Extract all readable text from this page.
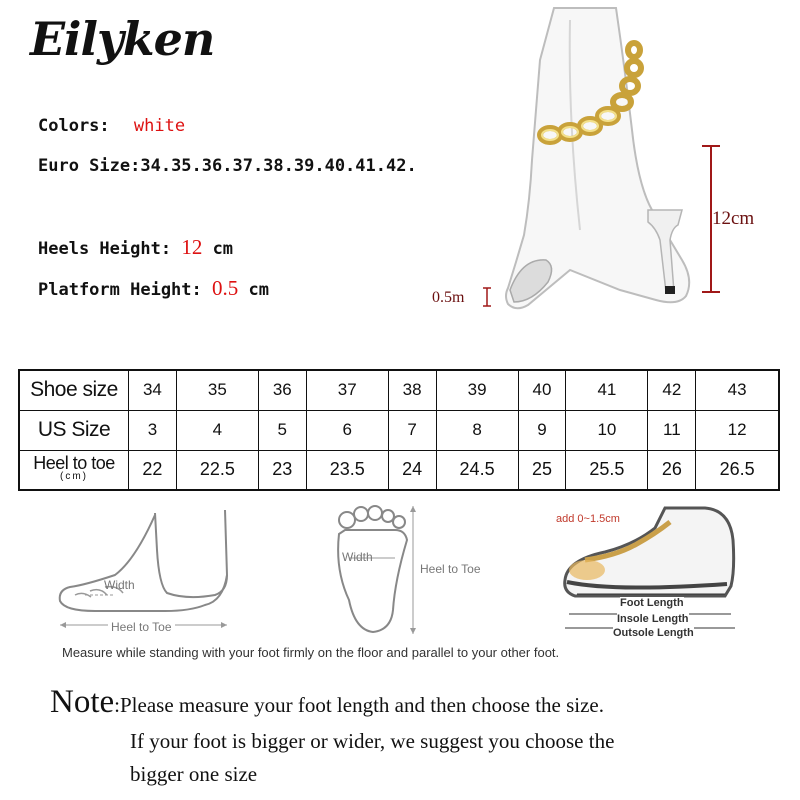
Eilyken
Colors: white
Euro Size:34.35.36.37.38.39.40.41.42.
Heels Height: 12 cm
Platform Height: 0.5 cm
12cm
0.5m
Shoe size	34	35	36	37	38	39	40	41	42	43
US Size	3	4	5	6	7	8	9	10	11	12
Heel to toe
(cm)	22	22.5	23	23.5	24	24.5	25	25.5	26	26.5
Width
Heel to Toe
Width
Heel to Toe
add 0~1.5cm
Foot Length
Insole Length
Outsole Length
Measure while standing with your foot firmly on the floor and parallel to your other foot.
Note:Please measure your foot length and then choose the size.
If your foot is bigger or wider, we suggest you choose the
bigger one size
